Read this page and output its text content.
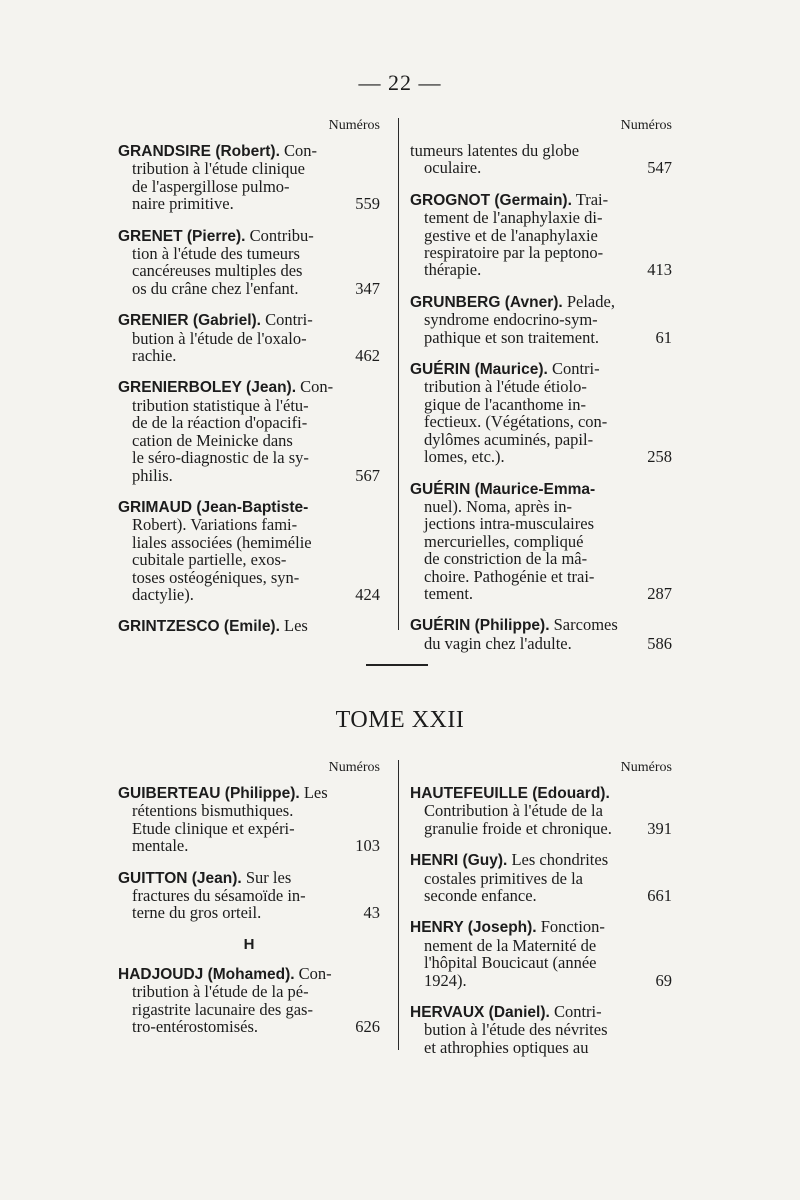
— 22 —
Numéros
GRANDSIRE (Robert). Con-
tribution à l'étude clinique
de l'aspergillose pulmo-
naire primitive.	559
GRENET (Pierre). Contribu-
tion à l'étude des tumeurs
cancéreuses multiples des
os du crâne chez l'enfant.	347
GRENIER (Gabriel). Contri-
bution à l'étude de l'oxalo-
rachie.	462
GRENIERBOLEY (Jean). Con-
tribution statistique à l'étu-
de de la réaction d'opacifi-
cation de Meinicke dans
le séro-diagnostic de la sy-
philis.	567
GRIMAUD (Jean-Baptiste-
Robert). Variations fami-
liales associées (hemimélie
cubitale partielle, exos-
toses ostéogéniques, syn-
dactylie).	424
GRINTZESCO (Emile). Les
Numéros
tumeurs latentes du globe
oculaire.	547
GROGNOT (Germain). Trai-
tement de l'anaphylaxie di-
gestive et de l'anaphylaxie
respiratoire par la peptono-
thérapie.	413
GRUNBERG (Avner). Pelade,
syndrome endocrino-sym-
pathique et son traitement.	61
GUÉRIN (Maurice). Contri-
tribution à l'étude étiolo-
gique de l'acanthome in-
fectieux. (Végétations, con-
dylômes acuminés, papil-
lomes, etc.).	258
GUÉRIN (Maurice-Emma-
nuel). Noma, après in-
jections intra-musculaires
mercurielles, compliqué
de constriction de la mâ-
choire. Pathogénie et trai-
tement.	287
GUÉRIN (Philippe). Sarcomes
du vagin chez l'adulte.	586
TOME XXII
Numéros
GUIBERTEAU (Philippe). Les
rétentions bismuthiques.
Etude clinique et expéri-
mentale.	103
GUITTON (Jean). Sur les
fractures du sésamoïde in-
terne du gros orteil.	43
H
HADJOUDJ (Mohamed). Con-
tribution à l'étude de la pé-
rigastrite lacunaire des gas-
tro-entérostomisés.	626
Numéros
HAUTEFEUILLE (Edouard).
Contribution à l'étude de la
granulie froide et chronique. 391
HENRI (Guy). Les chondrites
costales primitives de la
seconde enfance.	661
HENRY (Joseph). Fonction-
nement de la Maternité de
l'hôpital Boucicaut (année
1924).	69
HERVAUX (Daniel). Contri-
bution à l'étude des névrites
et athrophies optiques au
